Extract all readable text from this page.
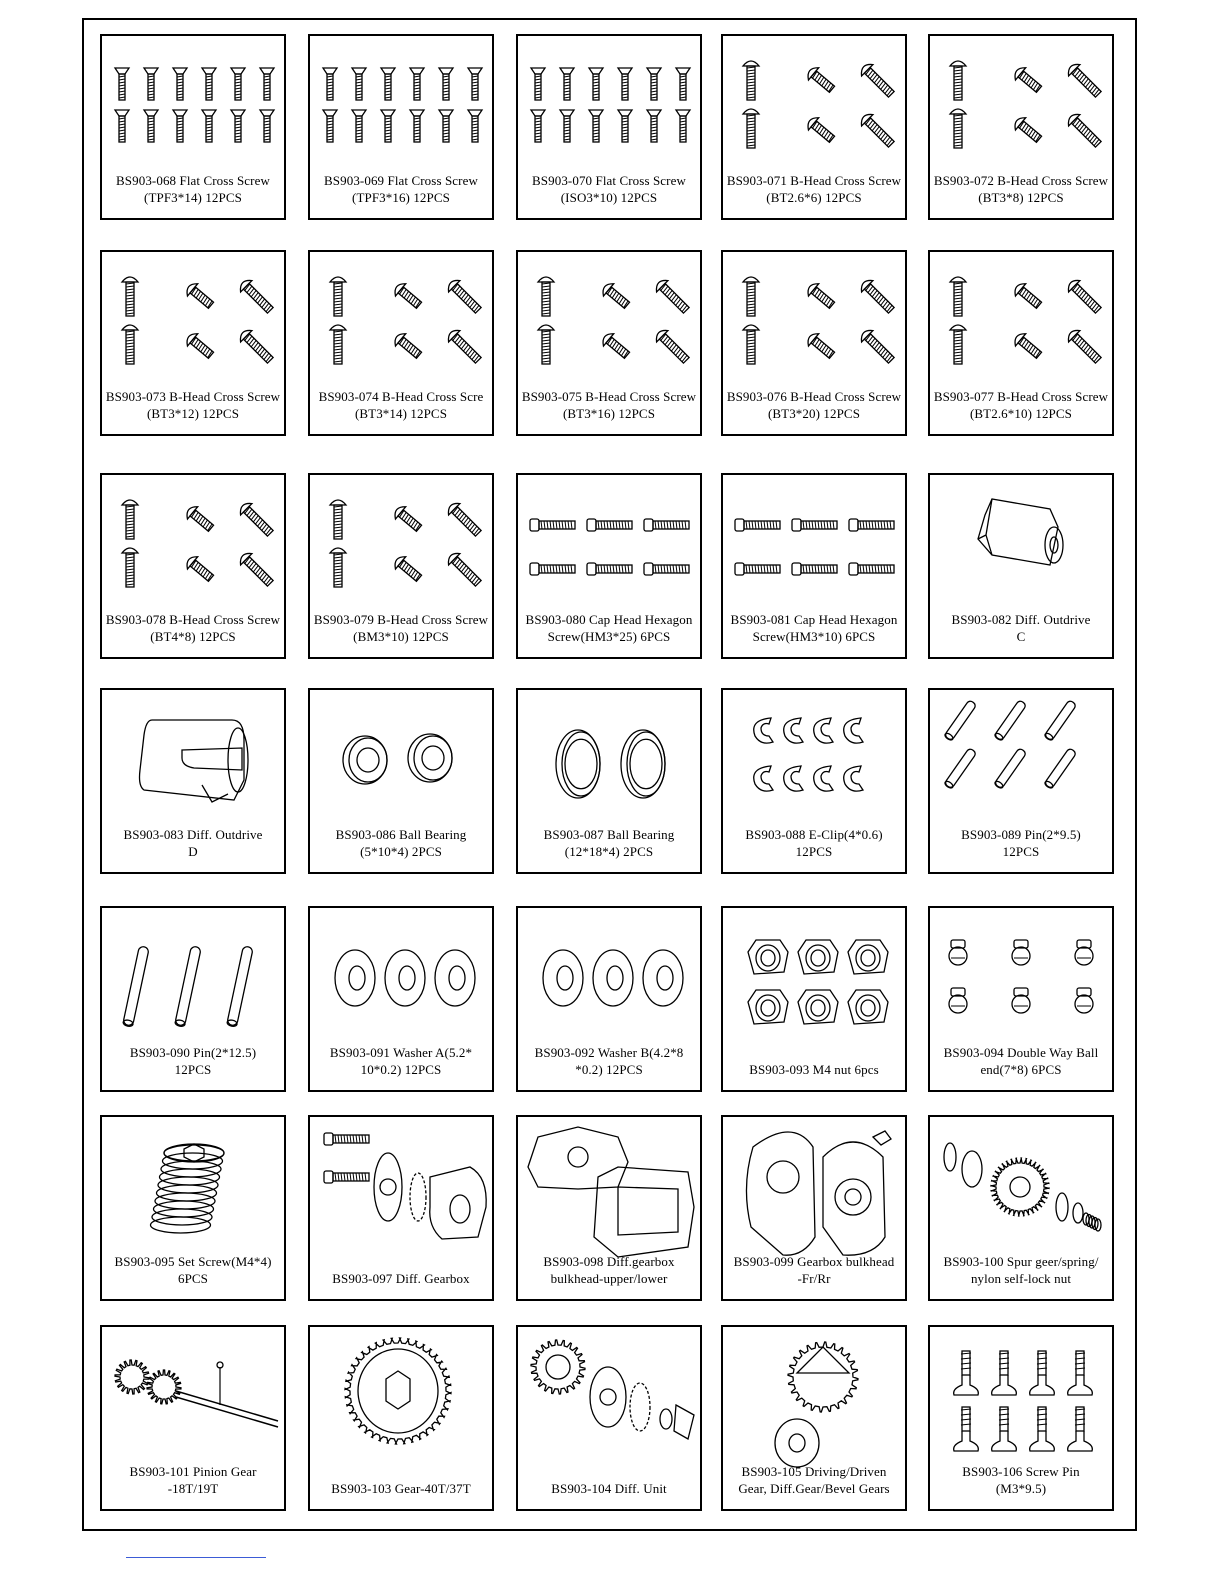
BS903-068 Flat Cross Screw
(TPF3*14) 12PCS
BS903-069 Flat Cross Screw
(TPF3*16) 12PCS
BS903-070 Flat Cross Screw
(ISO3*10) 12PCS
BS903-071 B-Head Cross Screw
(BT2.6*6) 12PCS
BS903-072 B-Head Cross Screw
(BT3*8) 12PCS
BS903-073 B-Head Cross Screw
(BT3*12) 12PCS
BS903-074 B-Head Cross Scre
(BT3*14) 12PCS
BS903-075 B-Head Cross Screw
(BT3*16) 12PCS
BS903-076 B-Head Cross Screw
(BT3*20) 12PCS
BS903-077 B-Head Cross Screw
(BT2.6*10) 12PCS
BS903-078 B-Head Cross Screw
(BT4*8) 12PCS
BS903-079 B-Head Cross Screw
(BM3*10) 12PCS
BS903-080 Cap Head Hexagon
Screw(HM3*25) 6PCS
BS903-081 Cap Head Hexagon
Screw(HM3*10) 6PCS
BS903-082 Diff. Outdrive
C
BS903-083 Diff. Outdrive
D
BS903-086 Ball Bearing
(5*10*4) 2PCS
BS903-087 Ball Bearing
(12*18*4) 2PCS
BS903-088 E-Clip(4*0.6)
12PCS
BS903-089 Pin(2*9.5)
12PCS
BS903-090 Pin(2*12.5)
12PCS
BS903-091 Washer A(5.2*
10*0.2) 12PCS
BS903-092 Washer B(4.2*8
*0.2) 12PCS	BS903-093 M4 nut 6pcs
BS903-094 Double Way Ball
end(7*8) 6PCS
BS903-095 Set Screw(M4*4)
6PCS	BS903-097 Diff. Gearbox
BS903-098 Diff.gearbox
bulkhead-upper/lower
BS903-099 Gearbox bulkhead
-Fr/Rr
BS903-100 Spur geer/spring/
nylon self-lock nut
BS903-101 Pinion Gear
-18T/19T	BS903-103 Gear-40T/37T	BS903-104 Diff. Unit
BS903-105 Driving/Driven
Gear, Diff.Gear/Bevel Gears
BS903-106 Screw Pin
(M3*9.5)
